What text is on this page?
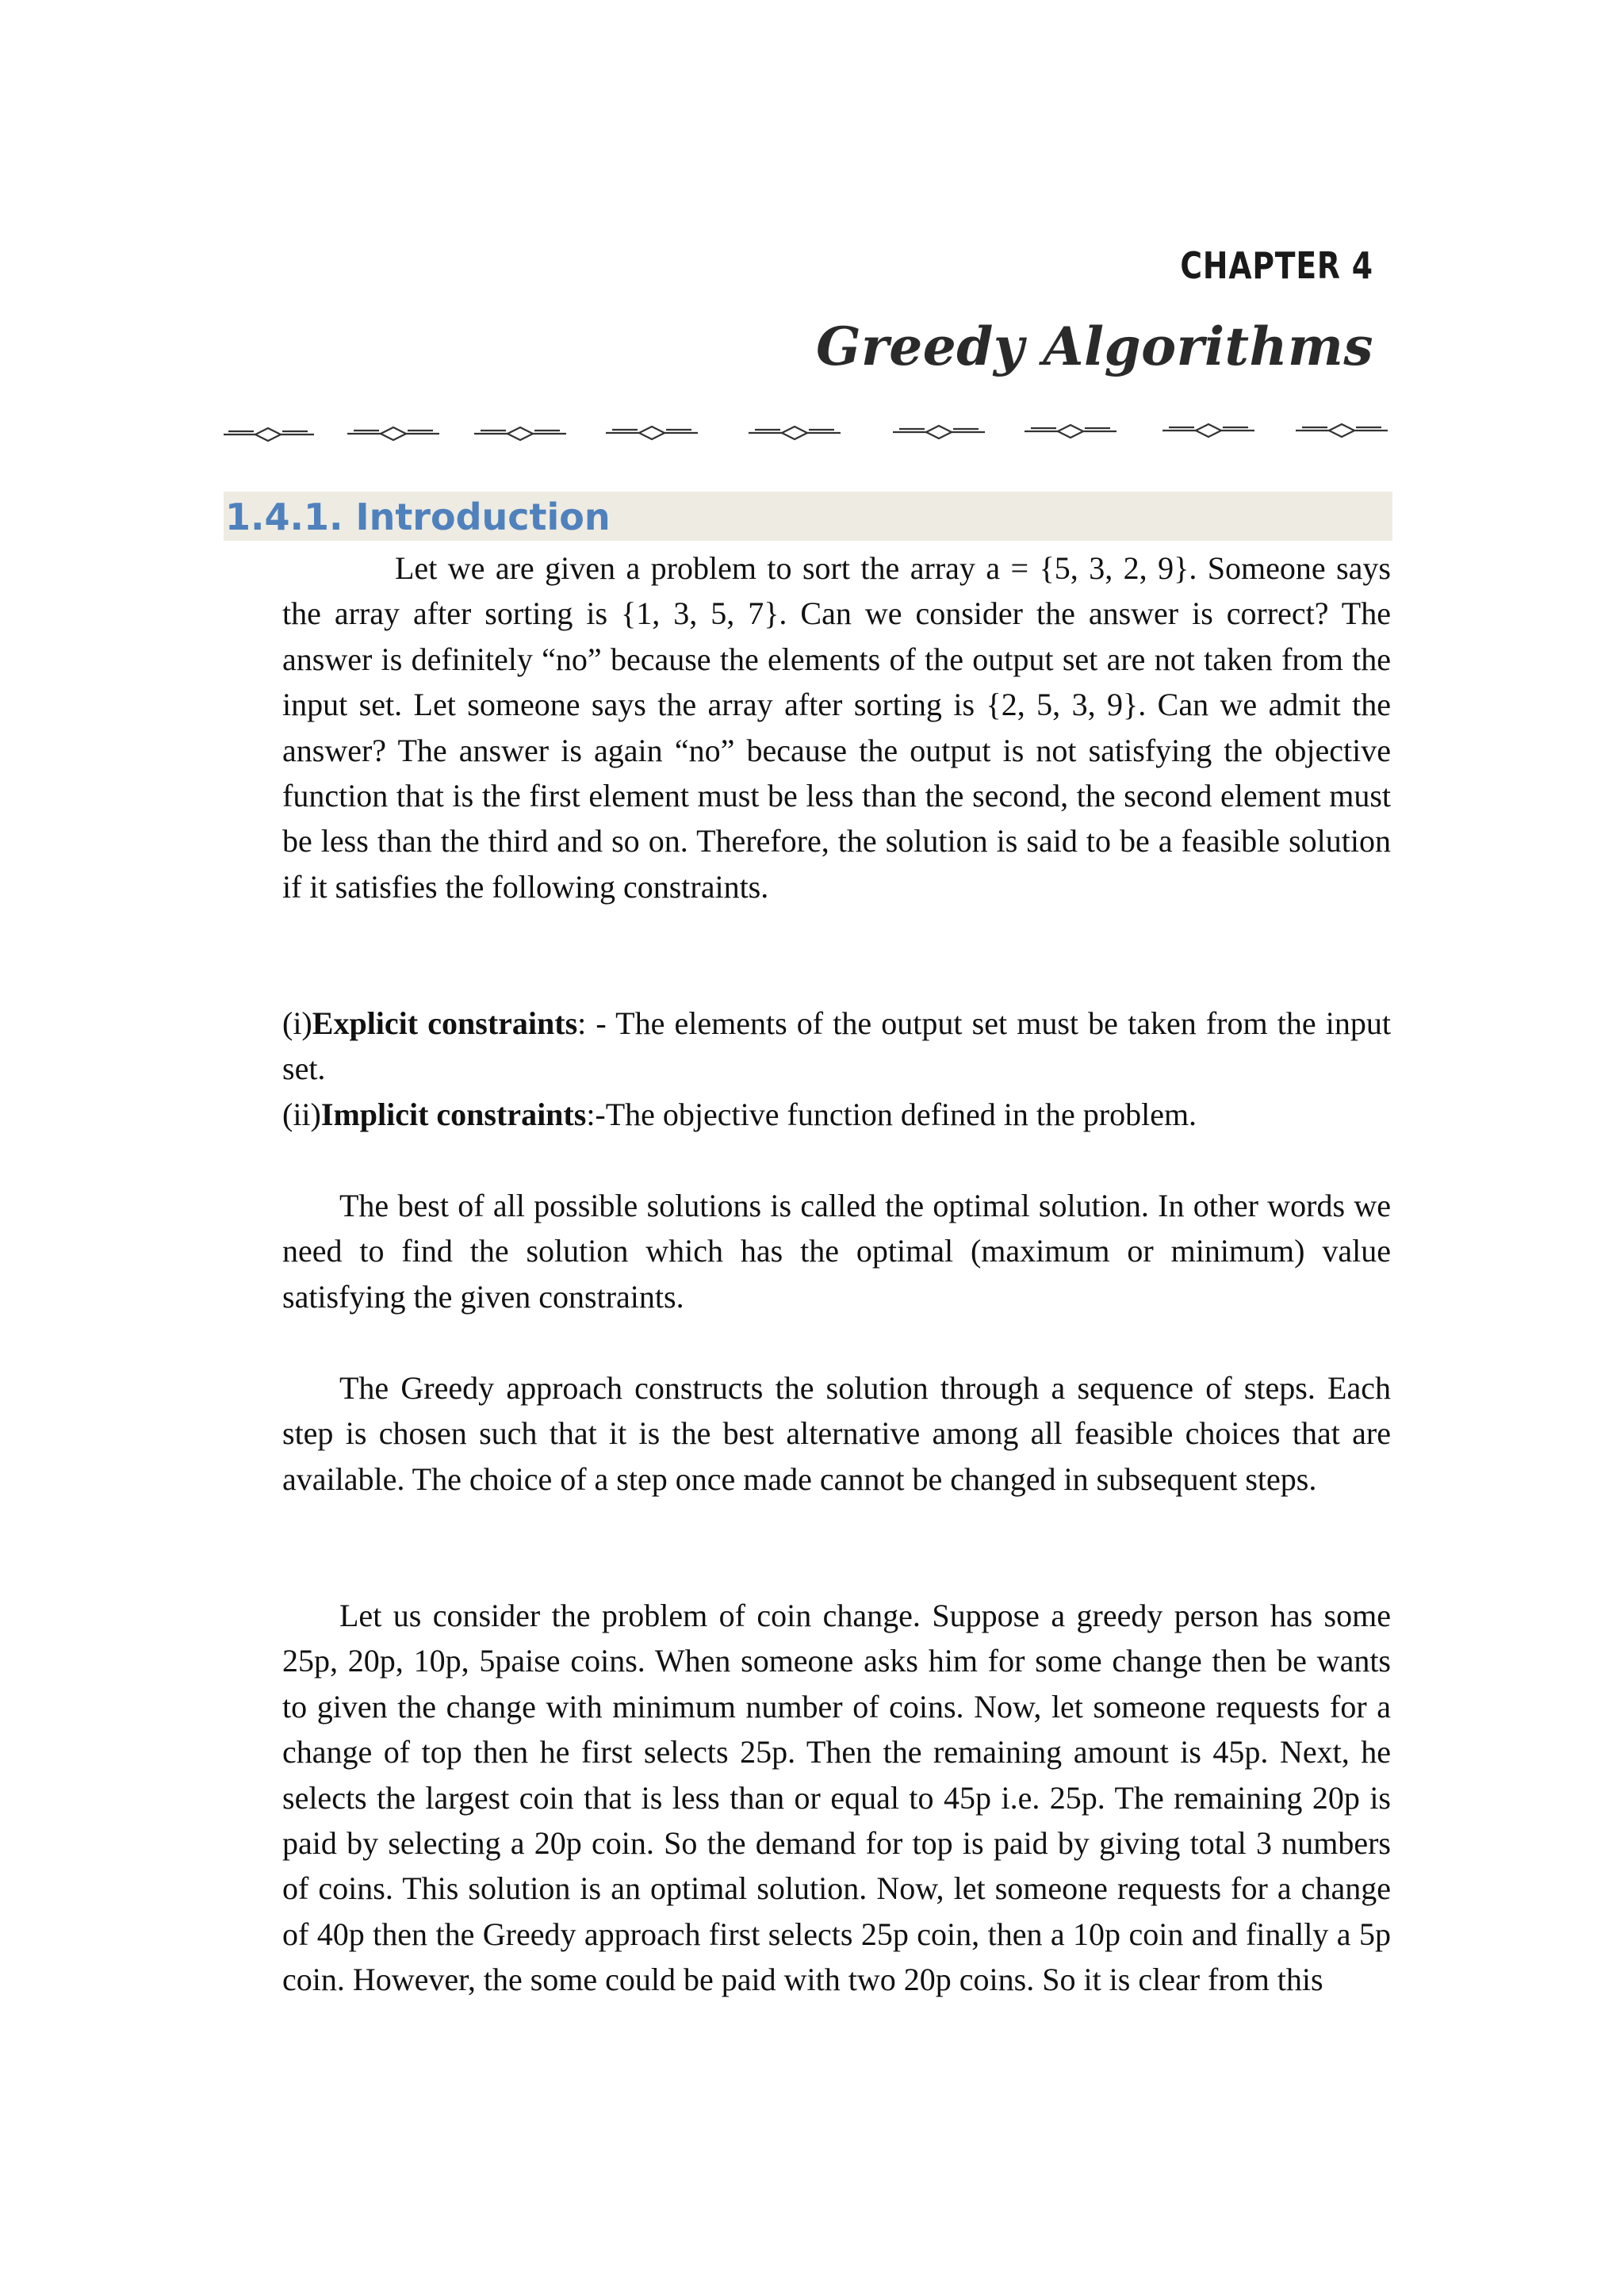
CHAPTER 4
Greedy Algorithms
1.4.1. Introduction
Let we are given a problem to sort the array a = {5, 3, 2, 9}. Someone says the array after sorting is {1, 3, 5, 7}. Can we consider the answer is correct? The answer is definitely “no” because the elements of the output set are not taken from the input set. Let someone says the array after sorting is {2, 5, 3, 9}. Can we admit the answer? The answer is again “no” because the output is not satisfying the objective function that is the first element must be less than the second, the second element must be less than the third and so on. Therefore, the solution is said to be a feasible solution if it satisfies the following constraints.
(i)Explicit constraints: - The elements of the output set must be taken from the input set.
(ii)Implicit constraints:-The objective function defined in the problem.
The best of all possible solutions is called the optimal solution. In other words we need to find the solution which has the optimal (maximum or minimum) value satisfying the given constraints.
The Greedy approach constructs the solution through a sequence of steps. Each step is chosen such that it is the best alternative among all feasible choices that are available. The choice of a step once made cannot be changed in subsequent steps.
Let us consider the problem of coin change. Suppose a greedy person has some 25p, 20p, 10p, 5paise coins. When someone asks him for some change then be wants to given the change with minimum number of coins. Now, let someone requests for a change of top then he first selects 25p. Then the remaining amount is 45p. Next, he selects the largest coin that is less than or equal to 45p i.e. 25p. The remaining 20p is paid by selecting a 20p coin. So the demand for top is paid by giving total 3 numbers of coins. This solution is an optimal solution. Now, let someone requests for a change of 40p then the Greedy approach first selects 25p coin, then a 10p coin and finally a 5p coin. However, the some could be paid with two 20p coins. So it is clear from this
